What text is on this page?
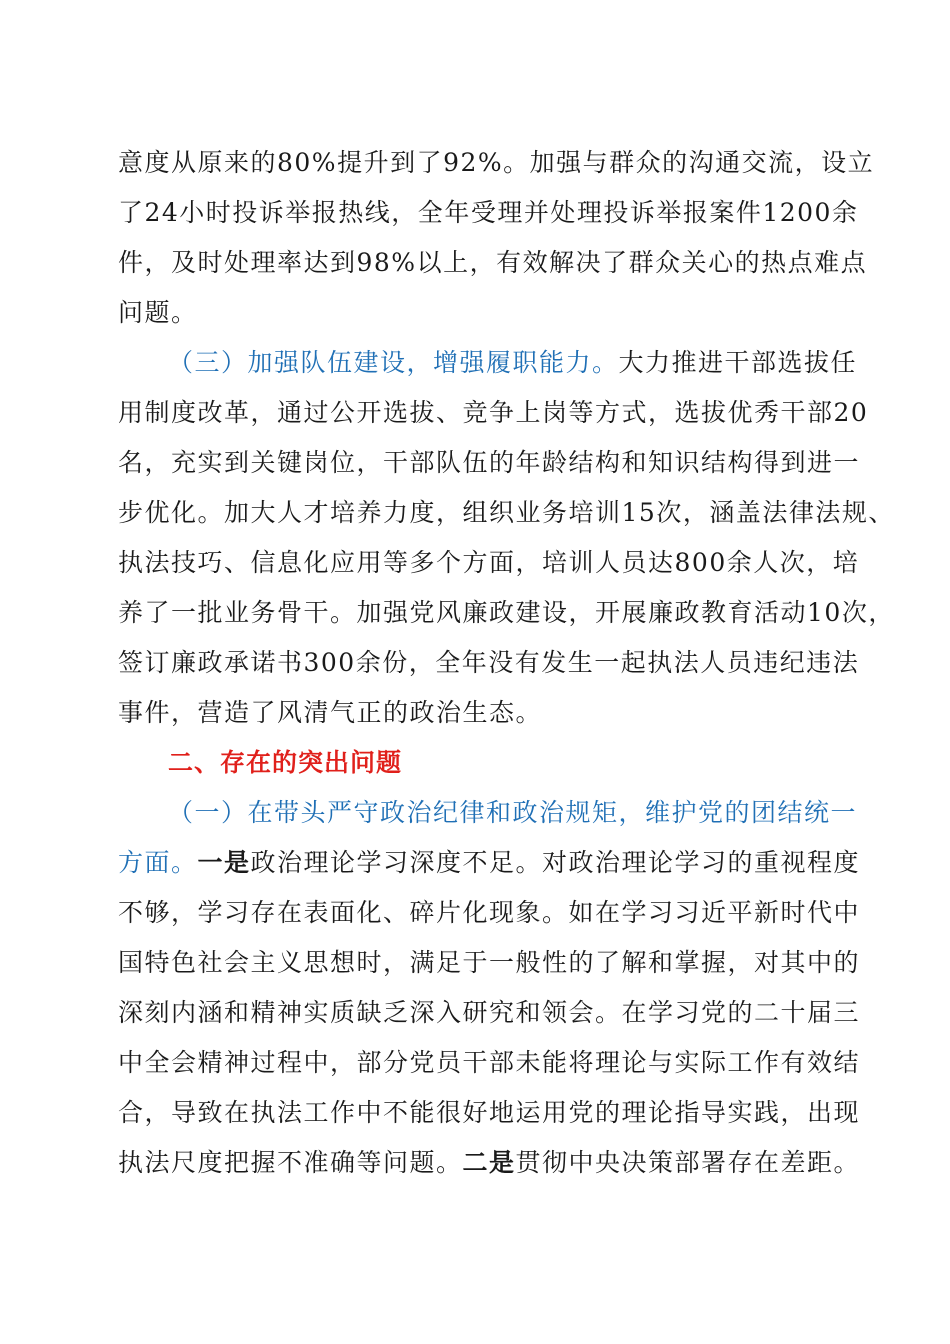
意度从原来的80%提升到了92%。加强与群众的沟通交流，设立
了24小时投诉举报热线，全年受理并处理投诉举报案件1200余
件，及时处理率达到98%以上，有效解决了群众关心的热点难点
问题。
（三）加强队伍建设，增强履职能力。大力推进干部选拔任
用制度改革，通过公开选拔、竞争上岗等方式，选拔优秀干部20
名，充实到关键岗位，干部队伍的年龄结构和知识结构得到进一
步优化。加大人才培养力度，组织业务培训15次，涵盖法律法规、
执法技巧、信息化应用等多个方面，培训人员达800余人次，培
养了一批业务骨干。加强党风廉政建设，开展廉政教育活动10次，
签订廉政承诺书300余份，全年没有发生一起执法人员违纪违法
事件，营造了风清气正的政治生态。
二、存在的突出问题
（一）在带头严守政治纪律和政治规矩，维护党的团结统一
方面。一是政治理论学习深度不足。对政治理论学习的重视程度
不够，学习存在表面化、碎片化现象。如在学习习近平新时代中
国特色社会主义思想时，满足于一般性的了解和掌握，对其中的
深刻内涵和精神实质缺乏深入研究和领会。在学习党的二十届三
中全会精神过程中，部分党员干部未能将理论与实际工作有效结
合，导致在执法工作中不能很好地运用党的理论指导实践，出现
执法尺度把握不准确等问题。二是贯彻中央决策部署存在差距。
